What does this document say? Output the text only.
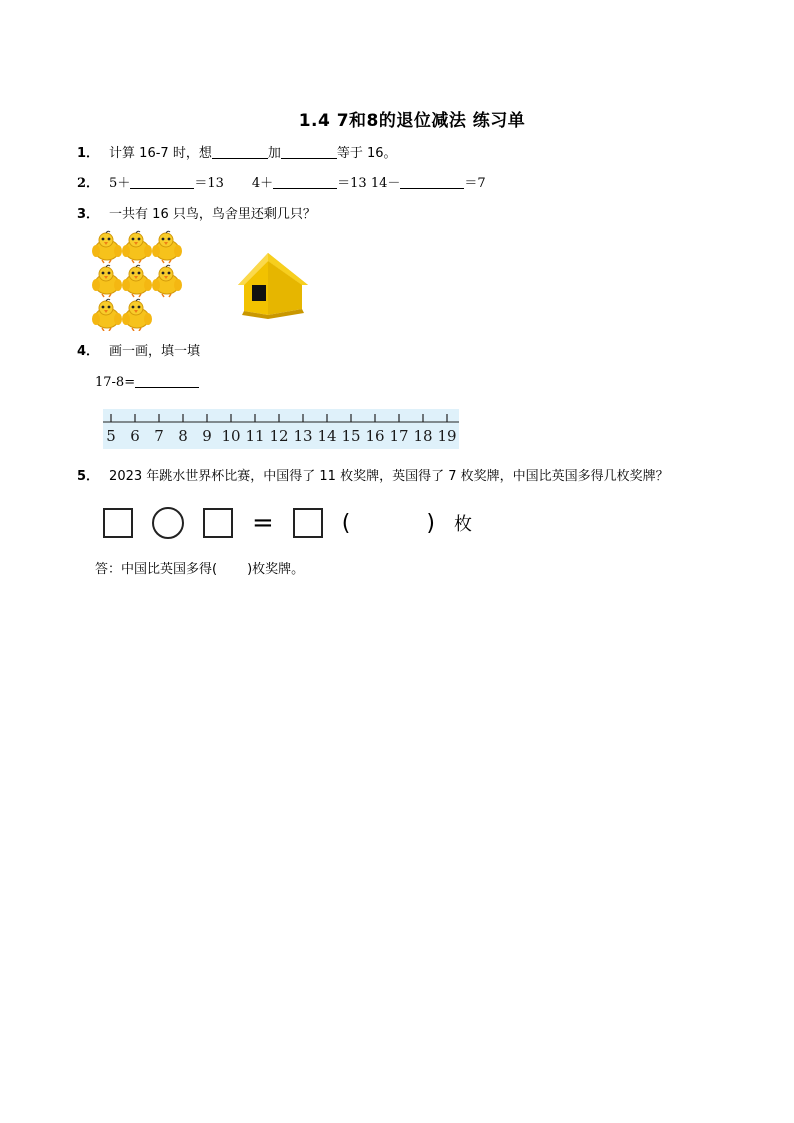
1.4 7和8的退位减法 练习单
1． 计算 16-7 时，想	加	等于 16。
2． 5＋	＝13 4＋	＝13 14－	＝7
3． 一共有 16 只鸟，鸟舍里还剩几只？
4． 画一画，填一填
17-8=
5 6 7 8 9 10 11 12 13 14 15 16 17 18 19
5． 2023 年跳水世界杯比赛，中国得了 11 枚奖牌，英国得了 7 枚奖牌，中国比英国多得几枚奖牌？
=	(	) 枚
答：中国比英国多得( )枚奖牌。
